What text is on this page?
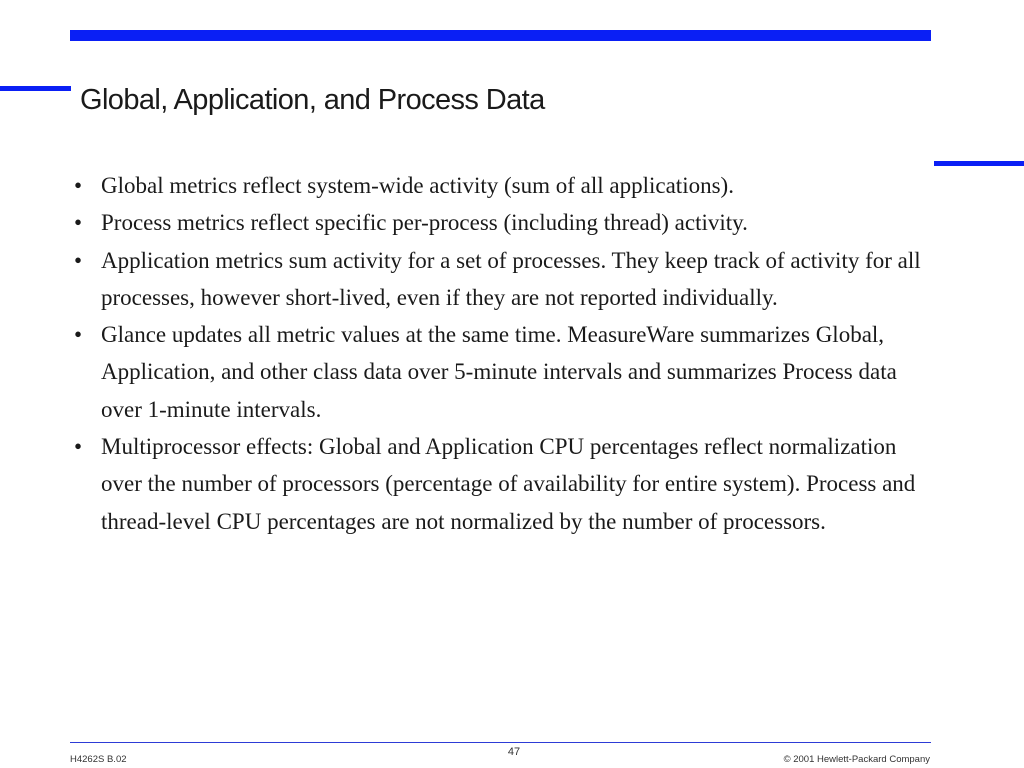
Global, Application, and Process Data
• Global metrics reflect system-wide activity (sum of all applications).
• Process metrics reflect specific per-process (including thread) activity.
• Application metrics sum activity for a set of processes. They keep track of activity for all processes, however short-lived, even if they are not reported individually.
• Glance updates all metric values at the same time. MeasureWare summarizes Global, Application, and other class data over 5-minute intervals and summarizes Process data over 1-minute intervals.
• Multiprocessor effects: Global and Application CPU percentages reflect normalization over the number of processors (percentage of availability for entire system). Process and thread-level CPU percentages are not normalized by the number of processors.
H4262S B.02
47
© 2001 Hewlett-Packard Company
